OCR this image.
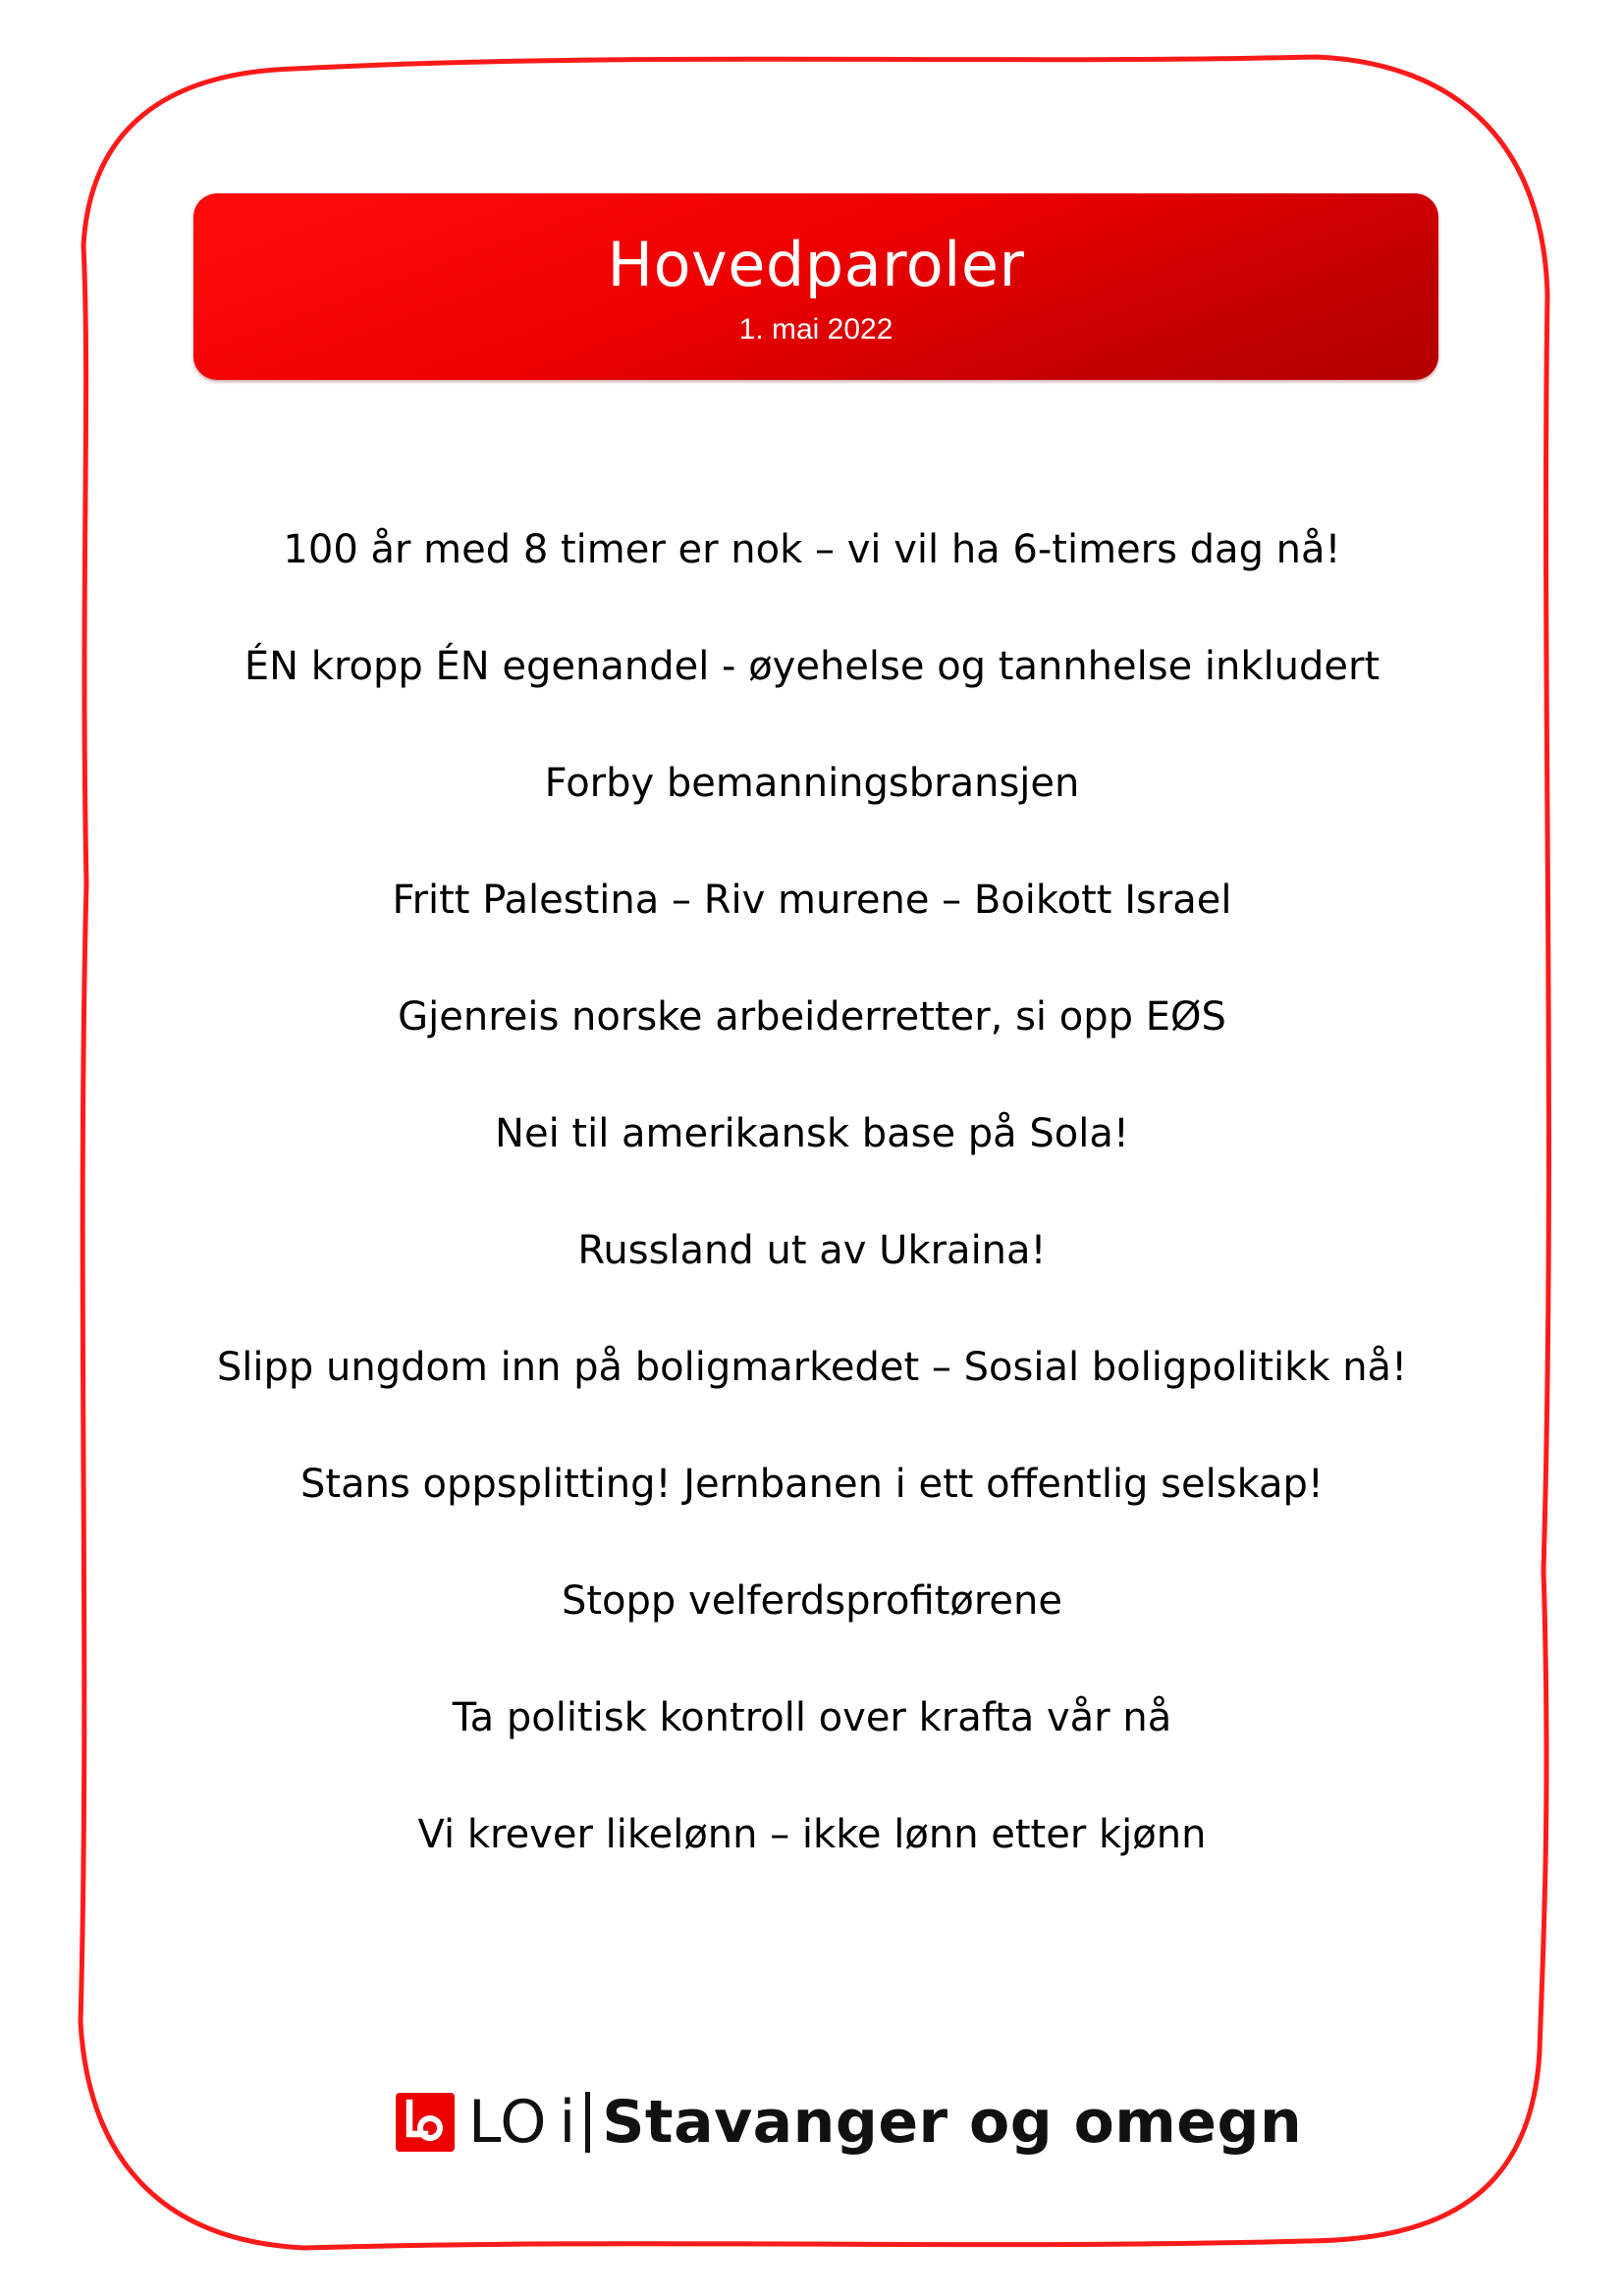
Hovedparoler
1. mai 2022
100 år med 8 timer er nok – vi vil ha 6-timers dag nå!
ÉN kropp ÉN egenandel - øyehelse og tannhelse inkludert
Forby bemanningsbransjen
Fritt Palestina – Riv murene – Boikott Israel
Gjenreis norske arbeiderretter, si opp EØS
Nei til amerikansk base på Sola!
Russland ut av Ukraina!
Slipp ungdom inn på boligmarkedet – Sosial boligpolitikk nå!
Stans oppsplitting! Jernbanen i ett offentlig selskap!
Stopp velferdsprofitørene
Ta politisk kontroll over krafta vår nå
Vi krever likelønn – ikke lønn etter kjønn
LO i Stavanger og omegn
